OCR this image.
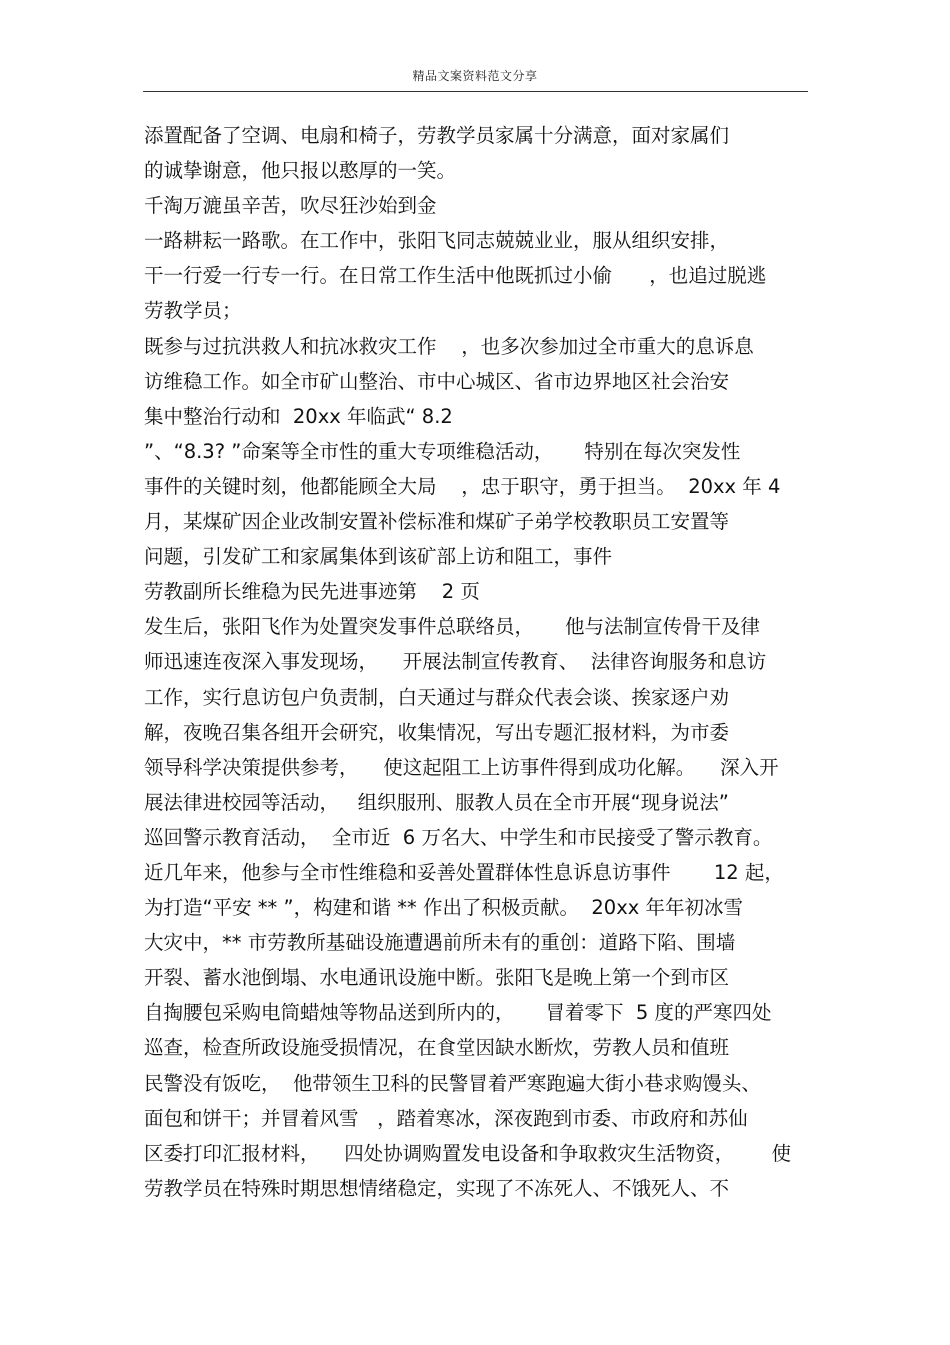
精品文案资料范文分享
添置配备了空调、电扇和椅子，劳教学员家属十分满意，面对家属们
的诚挚谢意，他只报以憨厚的一笑。
千淘万漉虽辛苦，吹尽狂沙始到金
一路耕耘一路歌。在工作中，张阳飞同志兢兢业业，服从组织安排，
干一行爱一行专一行。在日常工作生活中他既抓过小偷      ，也追过脱逃
劳教学员；
既参与过抗洪救人和抗冰救灾工作    ，也多次参加过全市重大的息诉息
访维稳工作。如全市矿山整治、市中心城区、省市边界地区社会治安
集中整治行动和  20xx 年临武“ 8.2
”、“8.3? ”命案等全市性的重大专项维稳活动，     特别在每次突发性
事件的关键时刻，他都能顾全大局    ，忠于职守，勇于担当。  20xx 年 4
月，某煤矿因企业改制安置补偿标准和煤矿子弟学校教职员工安置等
问题，引发矿工和家属集体到该矿部上访和阻工，事件
劳教副所长维稳为民先进事迹第    2 页
发生后，张阳飞作为处置突发事件总联络员，     他与法制宣传骨干及律
师迅速连夜深入事发现场，    开展法制宣传教育、  法律咨询服务和息访
工作，实行息访包户负责制，白天通过与群众代表会谈、挨家逐户劝
解，夜晚召集各组开会研究，收集情况，写出专题汇报材料，为市委
领导科学决策提供参考，    使这起阻工上访事件得到成功化解。    深入开
展法律进校园等活动，   组织服刑、服教人员在全市开展“现身说法”
巡回警示教育活动，  全市近  6 万名大、中学生和市民接受了警示教育。
近几年来，他参与全市性维稳和妥善处置群体性息诉息访事件       12 起，
为打造“平安 ** ”，构建和谐 ** 作出了积极贡献。  20xx 年年初冰雪
大灾中，** 市劳教所基础设施遭遇前所未有的重创：道路下陷、围墙
开裂、蓄水池倒塌、水电通讯设施中断。张阳飞是晚上第一个到市区
自掏腰包采购电筒蜡烛等物品送到所内的，     冒着零下  5 度的严寒四处
巡查，检查所政设施受损情况，在食堂因缺水断炊，劳教人员和值班
民警没有饭吃，  他带领生卫科的民警冒着严寒跑遍大街小巷求购馒头、
面包和饼干；并冒着风雪   ，踏着寒冰，深夜跑到市委、市政府和苏仙
区委打印汇报材料，    四处协调购置发电设备和争取救灾生活物资，      使
劳教学员在特殊时期思想情绪稳定，实现了不冻死人、不饿死人、不
